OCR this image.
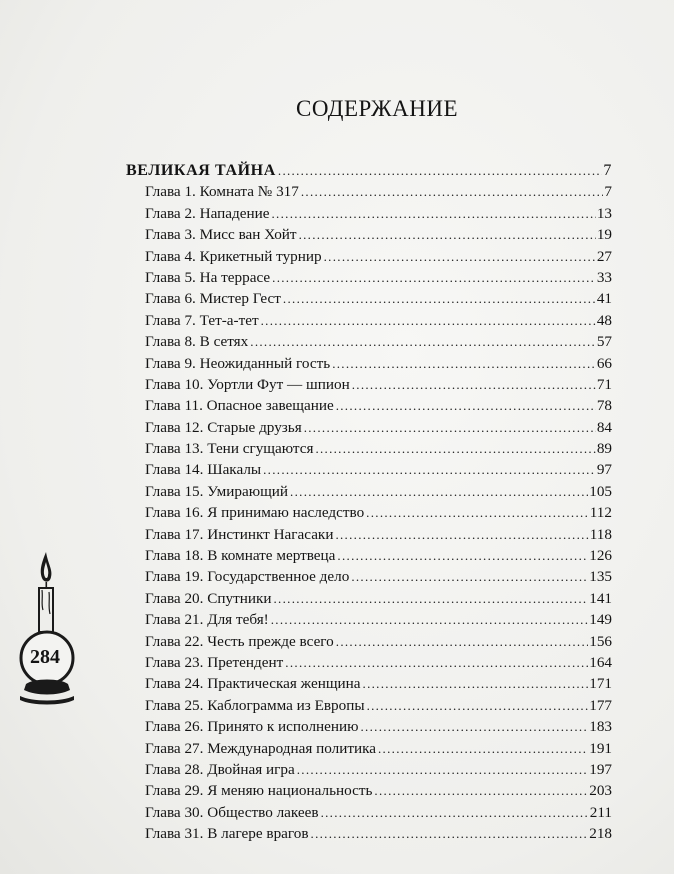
СОДЕРЖАНИЕ
ВЕЛИКАЯ ТАЙНА .....	7
Глава 1. Комната № 317 .....	7
Глава 2. Нападение .....	13
Глава 3. Мисс ван Хойт .....	19
Глава 4. Крикетный турнир .....	27
Глава 5. На террасе .....	33
Глава 6. Мистер Гест .....	41
Глава 7. Тет-а-тет .....	48
Глава 8. В сетях .....	57
Глава 9. Неожиданный гость .....	66
Глава 10. Уортли Фут — шпион .....	71
Глава 11. Опасное завещание .....	78
Глава 12. Старые друзья .....	84
Глава 13. Тени сгущаются .....	89
Глава 14. Шакалы .....	97
Глава 15. Умирающий .....	105
Глава 16. Я принимаю наследство .....	112
Глава 17. Инстинкт Нагасаки .....	118
Глава 18. В комнате мертвеца .....	126
Глава 19. Государственное дело .....	135
Глава 20. Спутники .....	141
Глава 21. Для тебя! .....	149
Глава 22. Честь прежде всего .....	156
Глава 23. Претендент .....	164
Глава 24. Практическая женщина .....	171
Глава 25. Каблограмма из Европы .....	177
Глава 26. Принято к исполнению .....	183
Глава 27. Международная политика .....	191
Глава 28. Двойная игра .....	197
Глава 29. Я меняю национальность .....	203
Глава 30. Общество лакеев .....	211
Глава 31. В лагере врагов .....	218
284
